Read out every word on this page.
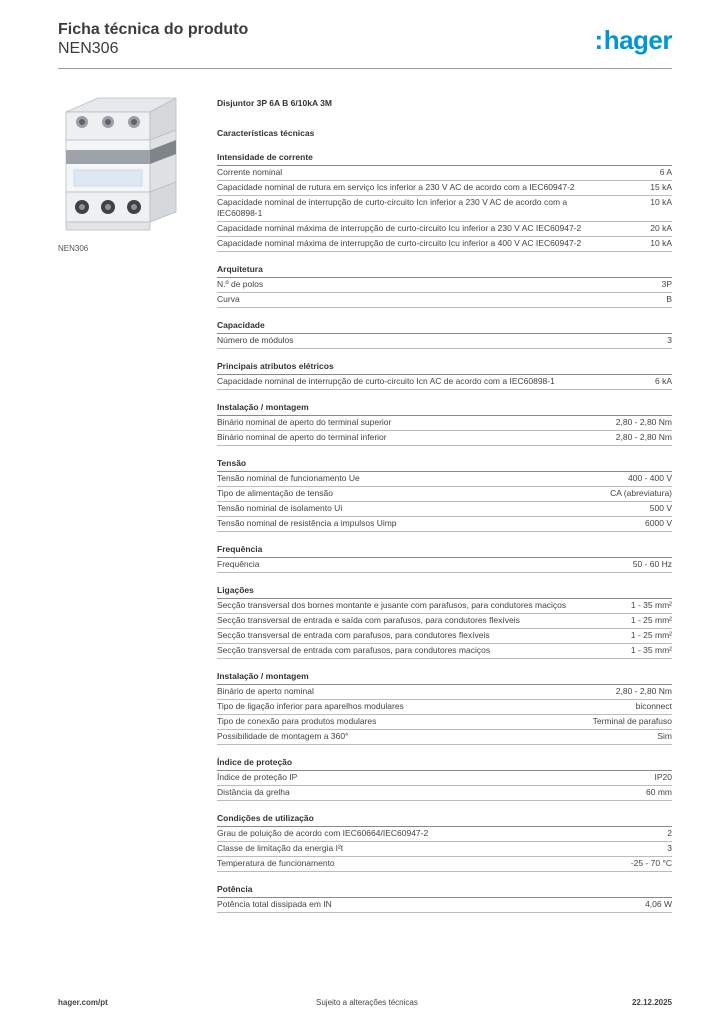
Ficha técnica do produto
NEN306	:hager
NEN306
Disjuntor 3P 6A B 6/10kA 3M
Características técnicas
Intensidade de corrente
Corrente nominal	6 A
Capacidade nominal de rutura em serviço Ics inferior a 230 V AC de acordo com a IEC60947-2	15 kA
Capacidade nominal de interrupção de curto-circuito Icn inferior a 230 V AC de acordo com a IEC60898-1
10 kA
Capacidade nominal máxima de interrupção de curto-circuito Icu inferior a 230 V AC IEC60947-2	20 kA
Capacidade nominal máxima de interrupção de curto-circuito Icu inferior a 400 V AC IEC60947-2	10 kA
Arquitetura
N.º de polos	3P
Curva	B
Capacidade
Número de módulos	3
Principais atributos elétricos
Capacidade nominal de interrupção de curto-circuito Icn AC de acordo com a IEC60898-1	6 kA
Instalação / montagem
Binário nominal de aperto do terminal superior	2,80 - 2,80 Nm
Binário nominal de aperto do terminal inferior	2,80 - 2,80 Nm
Tensão
Tensão nominal de funcionamento Ue	400 - 400 V
Tipo de alimentação de tensão	CA (abreviatura)
Tensão nominal de isolamento Ui	500 V
Tensão nominal de resistência a impulsos Uimp	6000 V
Frequência
Frequência	50 - 60 Hz
Ligações
Secção transversal dos bornes montante e jusante com parafusos, para condutores maciços	1 - 35 mm²
Secção transversal de entrada e saída com parafusos, para condutores flexíveis	1 - 25 mm²
Secção transversal de entrada com parafusos, para condutores flexíveis	1 - 25 mm²
Secção transversal de entrada com parafusos, para condutores maciços	1 - 35 mm²
Instalação / montagem
Binário de aperto nominal	2,80 - 2,80 Nm
Tipo de ligação inferior para aparelhos modulares	biconnect
Tipo de conexão para produtos modulares	Terminal de parafuso
Possibilidade de montagem a 360°	Sim
Índice de proteção
Índice de proteção IP	IP20
Distância da grelha	60 mm
Condições de utilização
Grau de poluição de acordo com IEC60664/IEC60947-2	2
Classe de limitação da energia I²t	3
Temperatura de funcionamento	-25 - 70 °C
Potência
Potência total dissipada em IN	4,06 W
hager.com/pt	Sujeito a alterações técnicas	22.12.2025
